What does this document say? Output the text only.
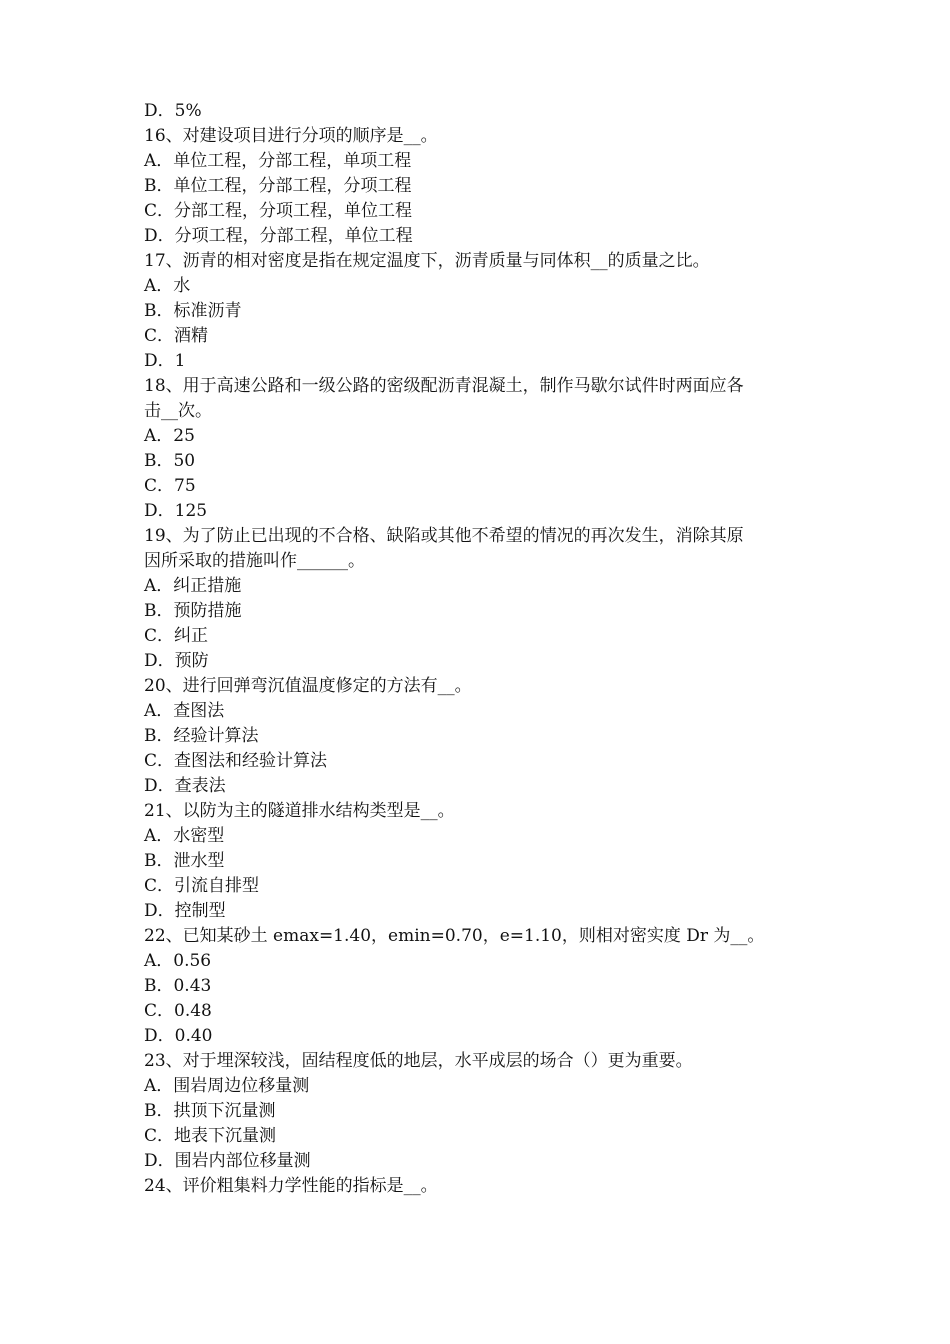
D．5%
16、对建设项目进行分项的顺序是__。
A．单位工程，分部工程，单项工程
B．单位工程，分部工程，分项工程
C．分部工程，分项工程，单位工程
D．分项工程，分部工程，单位工程
17、沥青的相对密度是指在规定温度下，沥青质量与同体积__的质量之比。
A．水
B．标准沥青
C．酒精
D．1
18、用于高速公路和一级公路的密级配沥青混凝土，制作马歇尔试件时两面应各
击__次。
A．25
B．50
C．75
D．125
19、为了防止已出现的不合格、缺陷或其他不希望的情况的再次发生，消除其原
因所采取的措施叫作______。
A．纠正措施
B．预防措施
C．纠正
D．预防
20、进行回弹弯沉值温度修定的方法有__。
A．查图法
B．经验计算法
C．查图法和经验计算法
D．查表法
21、以防为主的隧道排水结构类型是__。
A．水密型
B．泄水型
C．引流自排型
D．控制型
22、已知某砂土 emax=1.40，emin=0.70，e=1.10，则相对密实度 Dr 为__。
A．0.56
B．0.43
C．0.48
D．0.40
23、对于埋深较浅，固结程度低的地层，水平成层的场合（）更为重要。
A．围岩周边位移量测
B．拱顶下沉量测
C．地表下沉量测
D．围岩内部位移量测
24、评价粗集料力学性能的指标是__。
